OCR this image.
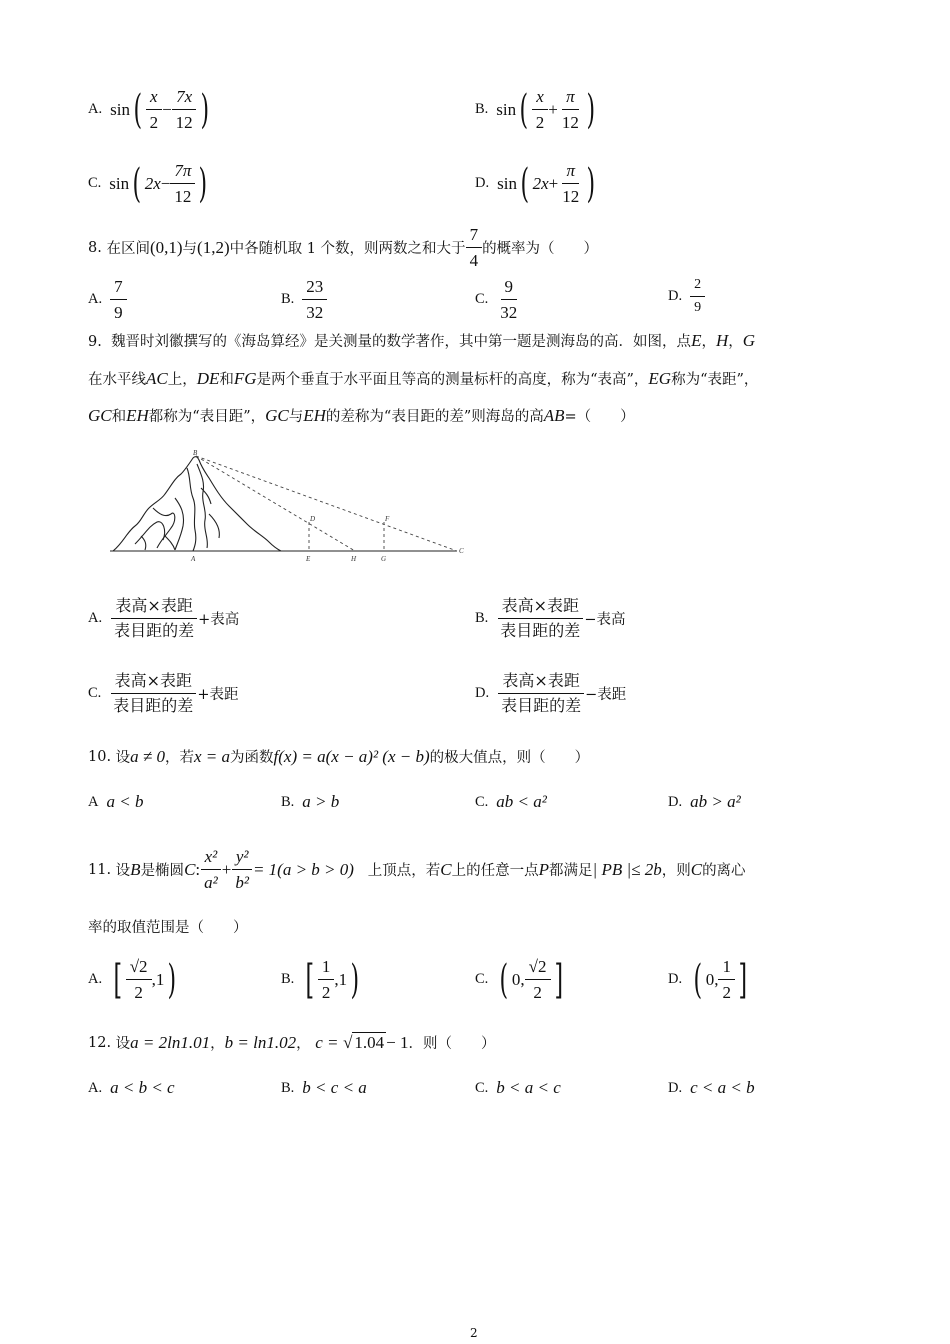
A. sin ( $\frac{x}{2} - \frac{7x}{12}$ )	B. sin ( $\frac{x}{2} + \frac{\pi}{12}$ )
C. sin ( $2x - \frac{7\pi}{12}$ )	D. sin ( $2x + \frac{\pi}{12}$ )
8.
在区间 (0,1) 与 (1,2) 中各随机取 1 个数，则两数之和大于 $\frac{7}{4}$ 的概率为（　　）
A. $\frac{7}{9}$	B. $\frac{23}{32}$	C. $\frac{9}{32}$	D. $\frac{2}{9}$
9. 魏晋时刘徽撰写的《海岛算经》是关测量的数学著作，其中第一题是测海岛的高．如图，点E，H，G
在水平线AC上，DE和FG是两个垂直于水平面且等高的测量标杆的高度，称为“表高”，EG称为“表距”，
GC和EH都称为“表目距”，GC与EH的差称为“表目距的差”则海岛的高AB=（　　）
B
D	F
A	E	H	G
C
A. $\frac{\text{表高×表距}}{\text{表目距的差}}$ +表高	B. $\frac{\text{表高×表距}}{\text{表目距的差}}$ −表高
C. $\frac{\text{表高×表距}}{\text{表目距的差}}$ +表距	D. $\frac{\text{表高×表距}}{\text{表目距的差}}$ −表距
10.
设 a ≠ 0 ，若 x = a 为函数 f(x) = a(x − a)² (x − b) 的极大值点，则（　　）
A a < b	B. a > b	C. ab < a²	D. ab > a²
11.
设 B 是椭圆 C : $\frac{\text{x²}}{\text{a²}} + \frac{\text{y²}}{\text{b²}} = 1(a > b > 0)$
上顶点，若 C 上的任意一点 P 都满足 | PB |≤ 2b ，则 C 的离心
率的取值范围是（　　）
A. [ $\frac{√2}{2} ,1$ )	B. [ $\frac{1}{2} ,1$ )	C. ( 0, $\frac{√2}{2}$ ]	D. ( 0, $\frac{1}{2}$ ]
12.
设 a = 2ln1.01 ， b = ln1.02 ，
c =
√ 1.04 − 1 ．则（　　）
A. a < b < c	B. b < c < a	C. b < a < c	D. c < a < b
2
